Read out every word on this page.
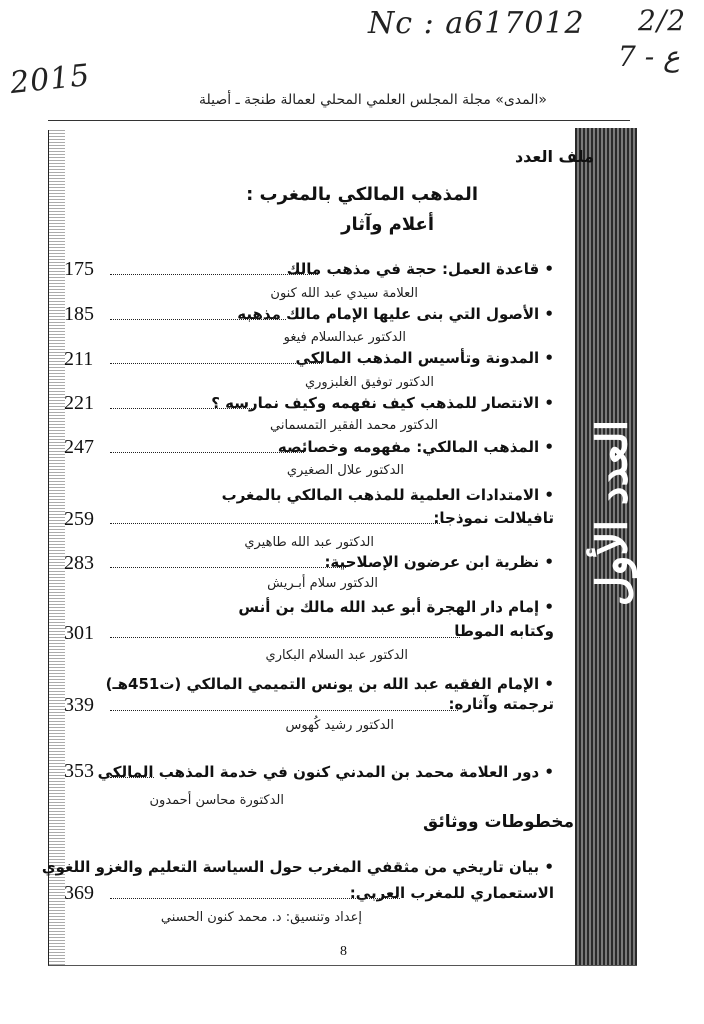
Nc : a617012 2/2
2015
ع - 7
«المدى» مجلة المجلس العلمي المحلي لعمالة طنجة ـ أصيلة
العدد الأول
ملف العدد
المذهب المالكي بالمغرب :
أعلام وآثار
• قاعدة العمل: حجة في مذهب مالك
175
العلامة سيدي عبد الله كنون
• الأصول التي بنى عليها الإمام مالك مذهبه
185
الدكتور عبدالسلام فيغو
• المدونة وتأسيس المذهب المالكي
211
الدكتور توفيق الغلبزوري
• الانتصار للمذهب كيف نفهمه وكيف نمارسه ؟
221
الدكتور محمد الفقير التمسماني
• المذهب المالكي: مفهومه وخصائصه
247
الدكتور علال الصغيري
• الامتدادات العلمية للمذهب المالكي بالمغرب
تافيلالت نموذجا:
259
الدكتور عبد الله طاهيري
• نظرية ابن عرضون الإصلاحية:
283
الدكتور سلام أبـريش
• إمام دار الهجرة أبو عبد الله مالك بن أنس
وكتابه الموطا
301
الدكتور عبد السلام البكاري
• الإمام الفقيه عبد الله بن يونس التميمي المالكي (ت451هـ)
ترجمته وآثاره:
339
الدكتور رشيد كُهوس
• دور العلامة محمد بن المدني كنون في خدمة المذهب المالكي
353
الدكتورة محاسن أحمدون
مخطوطات ووثائق
• بيان تاريخي من مثقفي المغرب حول السياسة التعليم والغزو اللغوي
الاستعماري للمغرب العربي:
369
إعداد وتنسيق: د. محمد كنون الحسني
8
